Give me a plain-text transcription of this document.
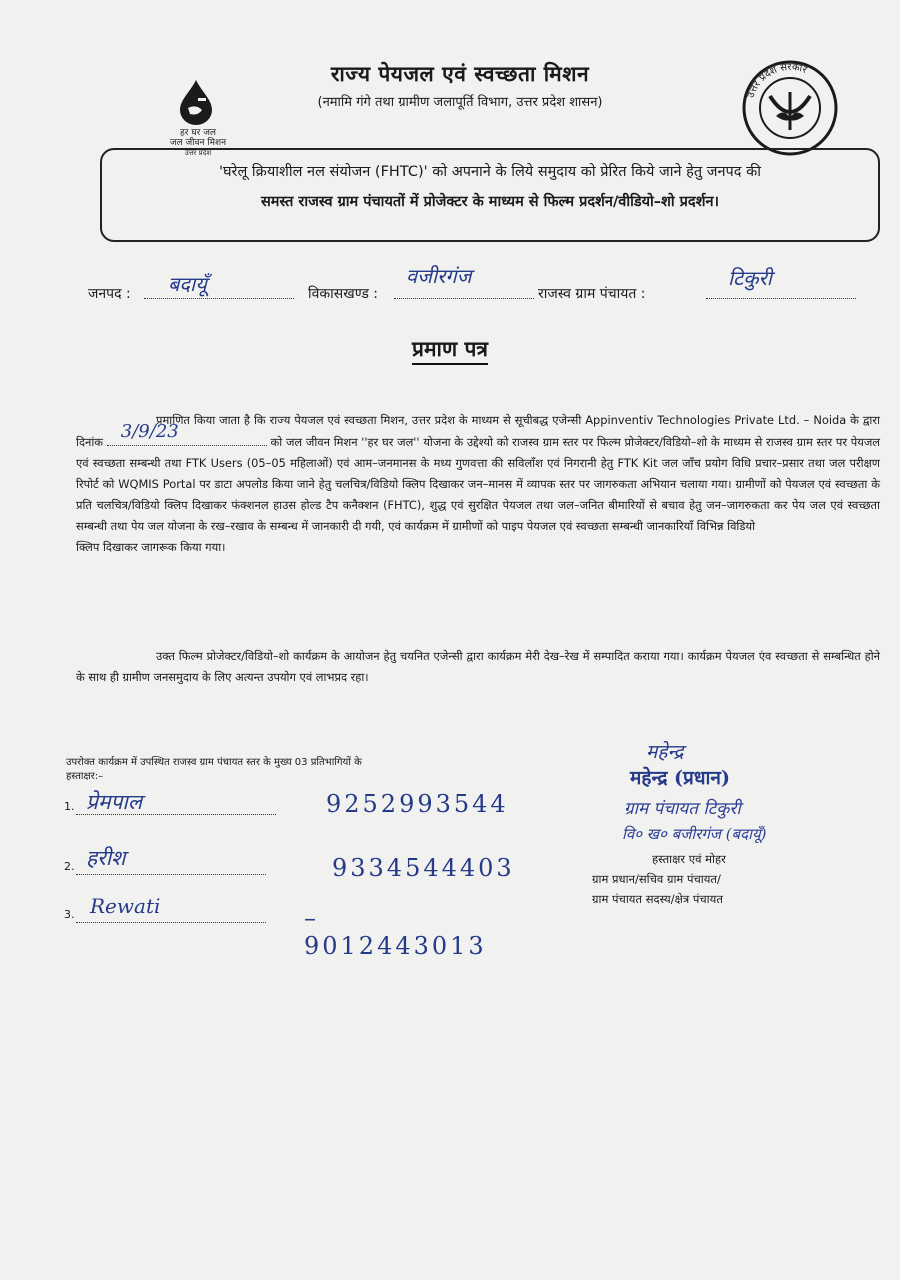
हर घर जल
जल जीवन मिशन
उत्तर प्रदेश
उत्तर प्रदेश सरकार
राज्य पेयजल एवं स्वच्छता मिशन
(नमामि गंगे तथा ग्रामीण जलापूर्ति विभाग, उत्तर प्रदेश शासन)
'घरेलू क्रियाशील नल संयोजन (FHTC)' को अपनाने के लिये समुदाय को प्रेरित किये जाने हेतु जनपद की
समस्त राजस्व ग्राम पंचायतों में प्रोजेक्टर के माध्यम से फिल्म प्रदर्शन/वीडियो–शो प्रदर्शन।
जनपद : बदायूँ	विकासखण्ड :
वजीरगंज
राजस्व ग्राम पंचायत :
टिकुरी
प्रमाण पत्र
प्रमाणित किया जाता है कि राज्य पेयजल एवं स्वच्छता मिशन, उत्तर प्रदेश के माध्यम से सूचीबद्ध एजेन्सी Appinventiv Technologies Private Ltd. – Noida के द्वारा दिनांक 3/9/23	को जल जीवन मिशन ''हर घर जल'' योजना के उद्देश्यो को राजस्व ग्राम स्तर पर फिल्म प्रोजेक्टर/विडियो–शो के माध्यम से राजस्व ग्राम स्तर पर पेयजल एवं स्वच्छता सम्बन्धी तथा FTK Users (05–05 महिलाओं) एवं आम–जनमानस के मध्य गुणवत्ता की सविलाँश एवं निगरानी हेतु FTK Kit जल जाँच प्रयोग विधि प्रचार–प्रसार तथा जल परीक्षण रिपोर्ट को WQMIS Portal पर डाटा अपलोड किया जाने हेतु चलचित्र/विडियो क्लिप दिखाकर जन–मानस में व्यापक स्तर पर जागरुकता अभियान चलाया गया। ग्रामीणों को पेयजल एवं स्वच्छता के प्रति चलचित्र/विडियो क्लिप दिखाकर फंक्शनल हाउस होल्ड टैप कनैक्शन (FHTC), शुद्ध एवं सुरक्षित पेयजल तथा जल–जनित बीमारियों से बचाव हेतु जन–जागरुकता कर पेय जल एवं स्वच्छता सम्बन्धी तथा पेय जल योजना के रख–रखाव के सम्बन्ध में जानकारी दी गयी, एवं कार्यक्रम में ग्रामीणों को पाइप पेयजल एवं स्वच्छता सम्बन्धी जानकारियॉं विभिन्न विडियो
क्लिप दिखाकर जागरूक किया गया।
उक्त फिल्म प्रोजेक्टर/विडियो–शो कार्यक्रम के आयोजन हेतु चयनित एजेन्सी द्वारा कार्यक्रम मेरी देख–रेख में सम्पादित कराया गया। कार्यक्रम पेयजल एंव स्वच्छता से सम्बन्धित होने के साथ ही ग्रामीण जनसमुदाय के लिए अत्यन्त उपयोग एवं लाभप्रद रहा।
उपरोक्त कार्यक्रम में उपस्थित राजस्व ग्राम पंचायत स्तर के मुख्य 03 प्रतिभागियों के
हस्ताक्षर:–
1. प्रेमपाल	9252993544
2. हरीश	9334544403
3. Rewati	– 9012443013
महेन्द्र
महेन्द्र (प्रधान)
ग्राम पंचायत टिकुरी
वि० ख० बजीरगंज (बदायूँ)
हस्ताक्षर एवं मोहर
ग्राम प्रधान/सचिव ग्राम पंचायत/
ग्राम पंचायत सदस्य/क्षेत्र पंचायत
